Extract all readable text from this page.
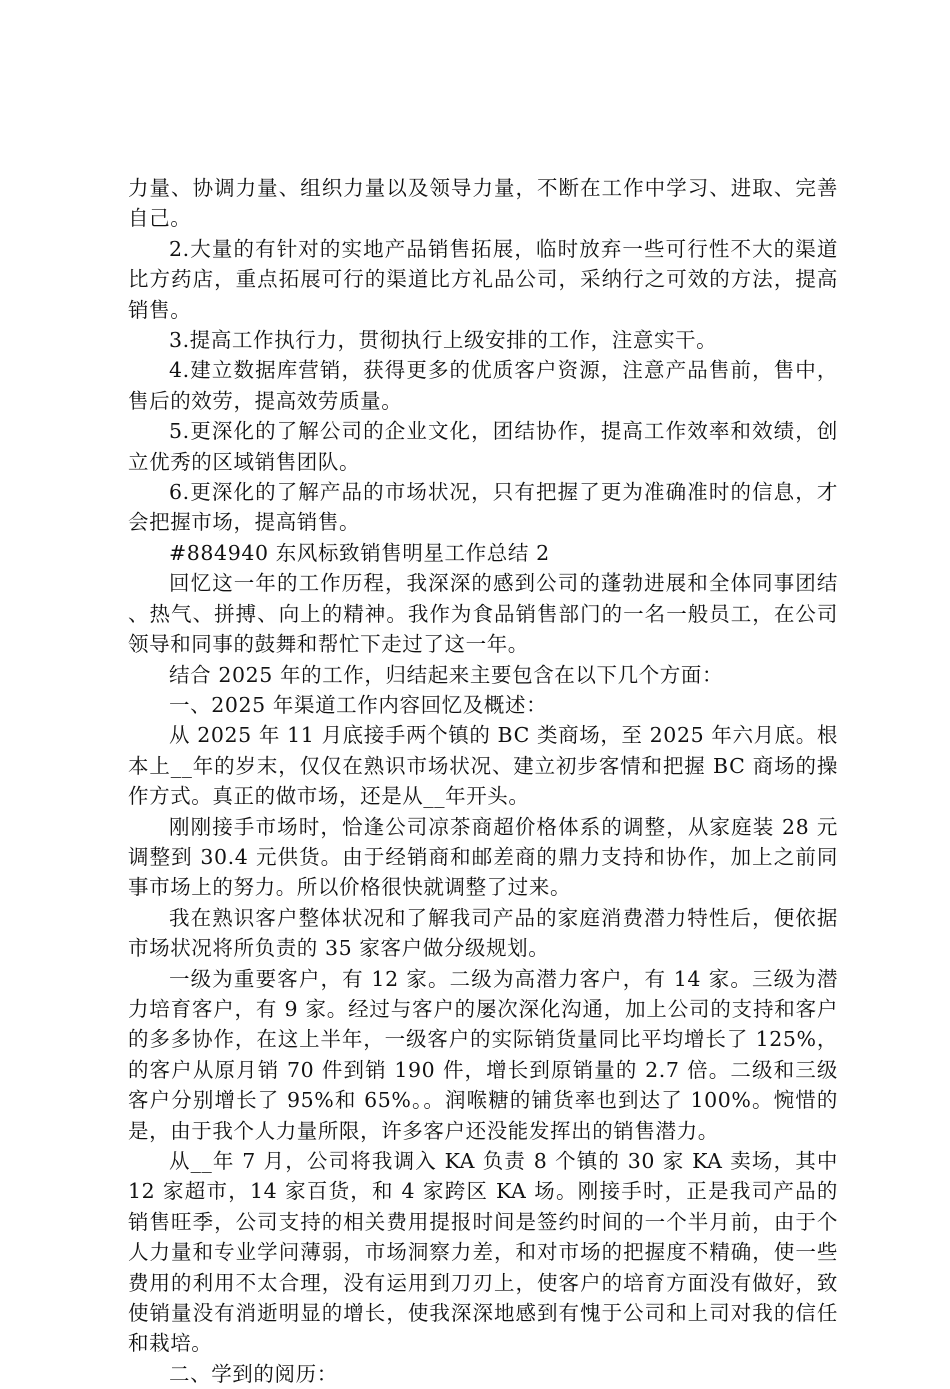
力量、协调力量、组织力量以及领导力量，不断在工作中学习、进取、完善自己。

2.大量的有针对的实地产品销售拓展，临时放弃一些可行性不大的渠道比方药店，重点拓展可行的渠道比方礼品公司，采纳行之可效的方法，提高销售。

3.提高工作执行力，贯彻执行上级安排的工作，注意实干。

4.建立数据库营销，获得更多的优质客户资源，注意产品售前，售中，售后的效劳，提高效劳质量。

5.更深化的了解公司的企业文化，团结协作，提高工作效率和效绩，创立优秀的区域销售团队。

6.更深化的了解产品的市场状况，只有把握了更为准确准时的信息，才会把握市场，提高销售。

#884940 东风标致销售明星工作总结 2

回忆这一年的工作历程，我深深的感到公司的蓬勃进展和全体同事团结、热气、拼搏、向上的精神。我作为食品销售部门的一名一般员工，在公司领导和同事的鼓舞和帮忙下走过了这一年。

结合 2025 年的工作，归结起来主要包含在以下几个方面：

一、2025 年渠道工作内容回忆及概述：

从 2025 年 11 月底接手两个镇的 BC 类商场，至 2025 年六月底。根本上__年的岁末，仅仅在熟识市场状况、建立初步客情和把握 BC 商场的操作方式。真正的做市场，还是从__年开头。

刚刚接手市场时，恰逢公司凉茶商超价格体系的调整，从家庭装 28 元调整到 30.4 元供货。由于经销商和邮差商的鼎力支持和协作，加上之前同事市场上的努力。所以价格很快就调整了过来。

我在熟识客户整体状况和了解我司产品的家庭消费潜力特性后，便依据市场状况将所负责的 35 家客户做分级规划。

一级为重要客户，有 12 家。二级为高潜力客户，有 14 家。三级为潜力培育客户，有 9 家。经过与客户的屡次深化沟通，加上公司的支持和客户的多多协作，在这上半年，一级客户的实际销货量同比平均增长了 125%，的客户从原月销 70 件到销 190 件，增长到原销量的 2.7 倍。二级和三级客户分别增长了 95%和 65%。。润喉糖的铺货率也到达了 100%。惋惜的是，由于我个人力量所限，许多客户还没能发挥出的销售潜力。

从__年 7 月，公司将我调入 KA 负责 8 个镇的 30 家 KA 卖场，其中 12 家超市，14 家百货，和 4 家跨区 KA 场。刚接手时，正是我司产品的销售旺季，公司支持的相关费用提报时间是签约时间的一个半月前，由于个人力量和专业学问薄弱，市场洞察力差，和对市场的把握度不精确，使一些费用的利用不太合理，没有运用到刀刃上，使客户的培育方面没有做好，致使销量没有消逝明显的增长，使我深深地感到有愧于公司和上司对我的信任和栽培。

二、学到的阅历：
